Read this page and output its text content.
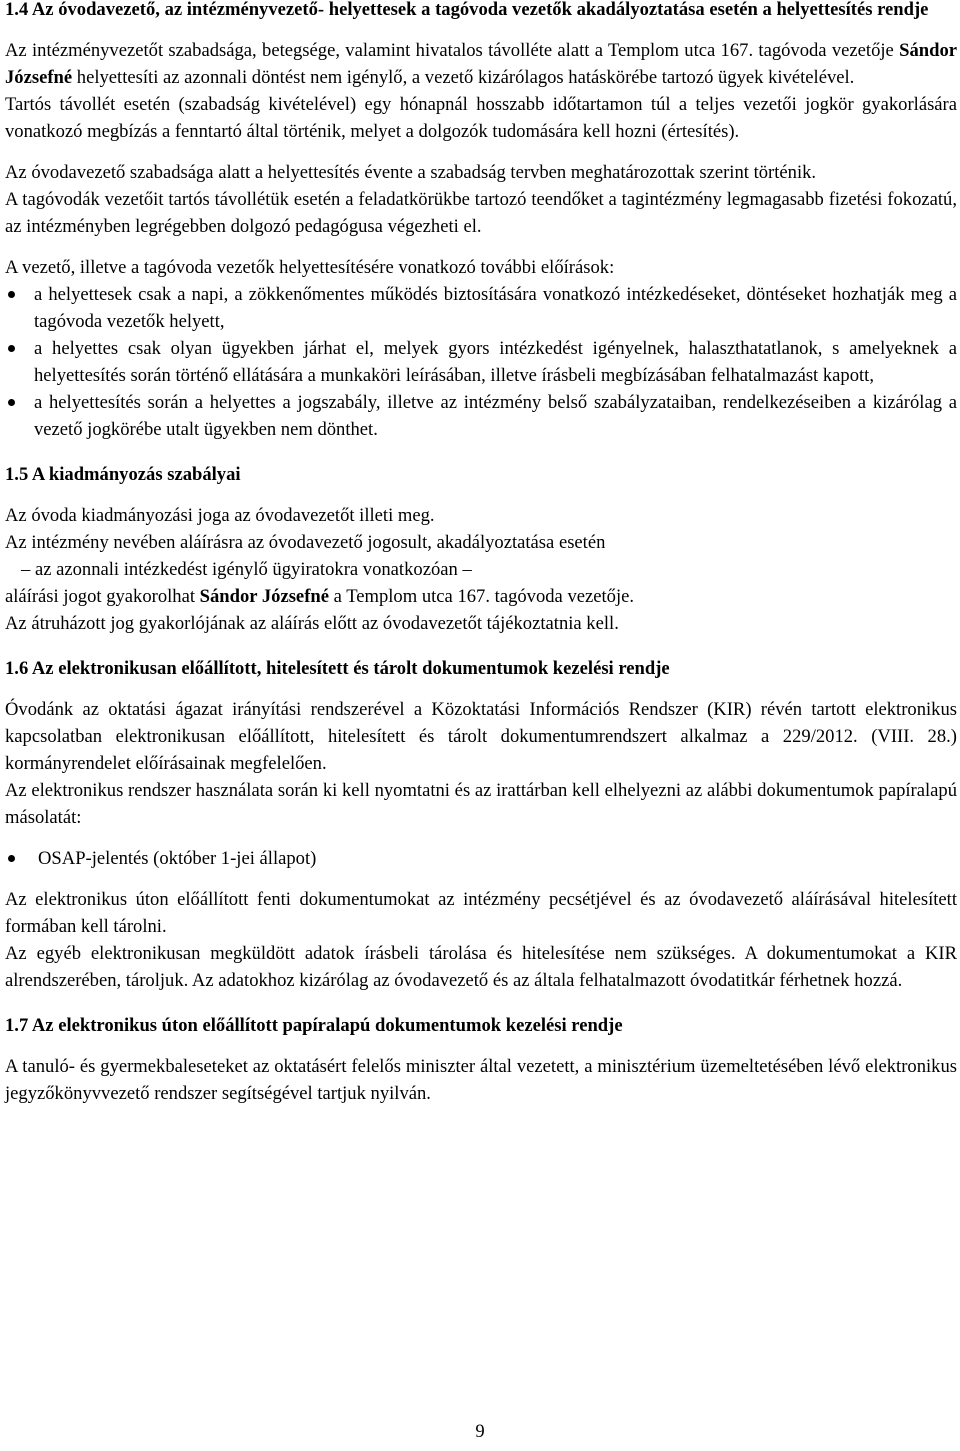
1.4 Az óvodavezető, az intézményvezető- helyettesek a tagóvoda vezetők akadályoztatása esetén a helyettesítés rendje

Az intézményvezetőt szabadsága, betegsége, valamint hivatalos távolléte alatt a Templom utca 167. tagóvoda vezetője Sándor Józsefné helyettesíti az azonnali döntést nem igénylő, a vezető kizárólagos hatáskörébe tartozó ügyek kivételével.

Tartós távollét esetén (szabadság kivételével) egy hónapnál hosszabb időtartamon túl a teljes vezetői jogkör gyakorlására vonatkozó megbízás a fenntartó által történik, melyet a dolgozók tudomására kell hozni (értesítés).

Az óvodavezető szabadsága alatt a helyettesítés évente a szabadság tervben meghatározottak szerint történik.

A tagóvodák vezetőit tartós távollétük esetén a feladatkörükbe tartozó teendőket a tagintézmény legmagasabb fizetési fokozatú, az intézményben legrégebben dolgozó pedagógusa végezheti el.

A vezető, illetve a tagóvoda vezetők helyettesítésére vonatkozó további előírások:

a helyettesek csak a napi, a zökkenőmentes működés biztosítására vonatkozó intézkedéseket, döntéseket hozhatják meg a tagóvoda vezetők helyett,
a helyettes csak olyan ügyekben járhat el, melyek gyors intézkedést igényelnek, halaszthatatlanok, s amelyeknek a helyettesítés során történő ellátására a munkaköri leírásában, illetve írásbeli megbízásában felhatalmazást kapott,
a helyettesítés során a helyettes a jogszabály, illetve az intézmény belső szabályzataiban, rendelkezéseiben a kizárólag a vezető jogkörébe utalt ügyekben nem dönthet.

1.5 A kiadmányozás szabályai

Az óvoda kiadmányozási joga az óvodavezetőt illeti meg.

Az intézmény nevében aláírásra az óvodavezető jogosult, akadályoztatása esetén

– az azonnali intézkedést igénylő ügyiratokra vonatkozóan –

aláírási jogot gyakorolhat Sándor Józsefné a Templom utca 167. tagóvoda vezetője.

Az átruházott jog gyakorlójának az aláírás előtt az óvodavezetőt tájékoztatnia kell.

1.6 Az elektronikusan előállított, hitelesített és tárolt dokumentumok kezelési rendje

Óvodánk az oktatási ágazat irányítási rendszerével a Közoktatási Információs Rendszer (KIR) révén tartott elektronikus kapcsolatban elektronikusan előállított, hitelesített és tárolt dokumentumrendszert alkalmaz a 229/2012. (VIII. 28.) kormányrendelet előírásainak megfelelően.

Az elektronikus rendszer használata során ki kell nyomtatni és az irattárban kell elhelyezni az alábbi dokumentumok papíralapú másolatát:

OSAP-jelentés (október 1-jei állapot)

Az elektronikus úton előállított fenti dokumentumokat az intézmény pecsétjével és az óvodavezető aláírásával hitelesített formában kell tárolni.

Az egyéb elektronikusan megküldött adatok írásbeli tárolása és hitelesítése nem szükséges. A dokumentumokat a KIR alrendszerében, tároljuk. Az adatokhoz kizárólag az óvodavezető és az általa felhatalmazott óvodatitkár férhetnek hozzá.

1.7 Az elektronikus úton előállított papíralapú dokumentumok kezelési rendje

A tanuló- és gyermekbaleseteket az oktatásért felelős miniszter által vezetett, a minisztérium üzemeltetésében lévő elektronikus jegyzőkönyvvezető rendszer segítségével tartjuk nyilván.

9
